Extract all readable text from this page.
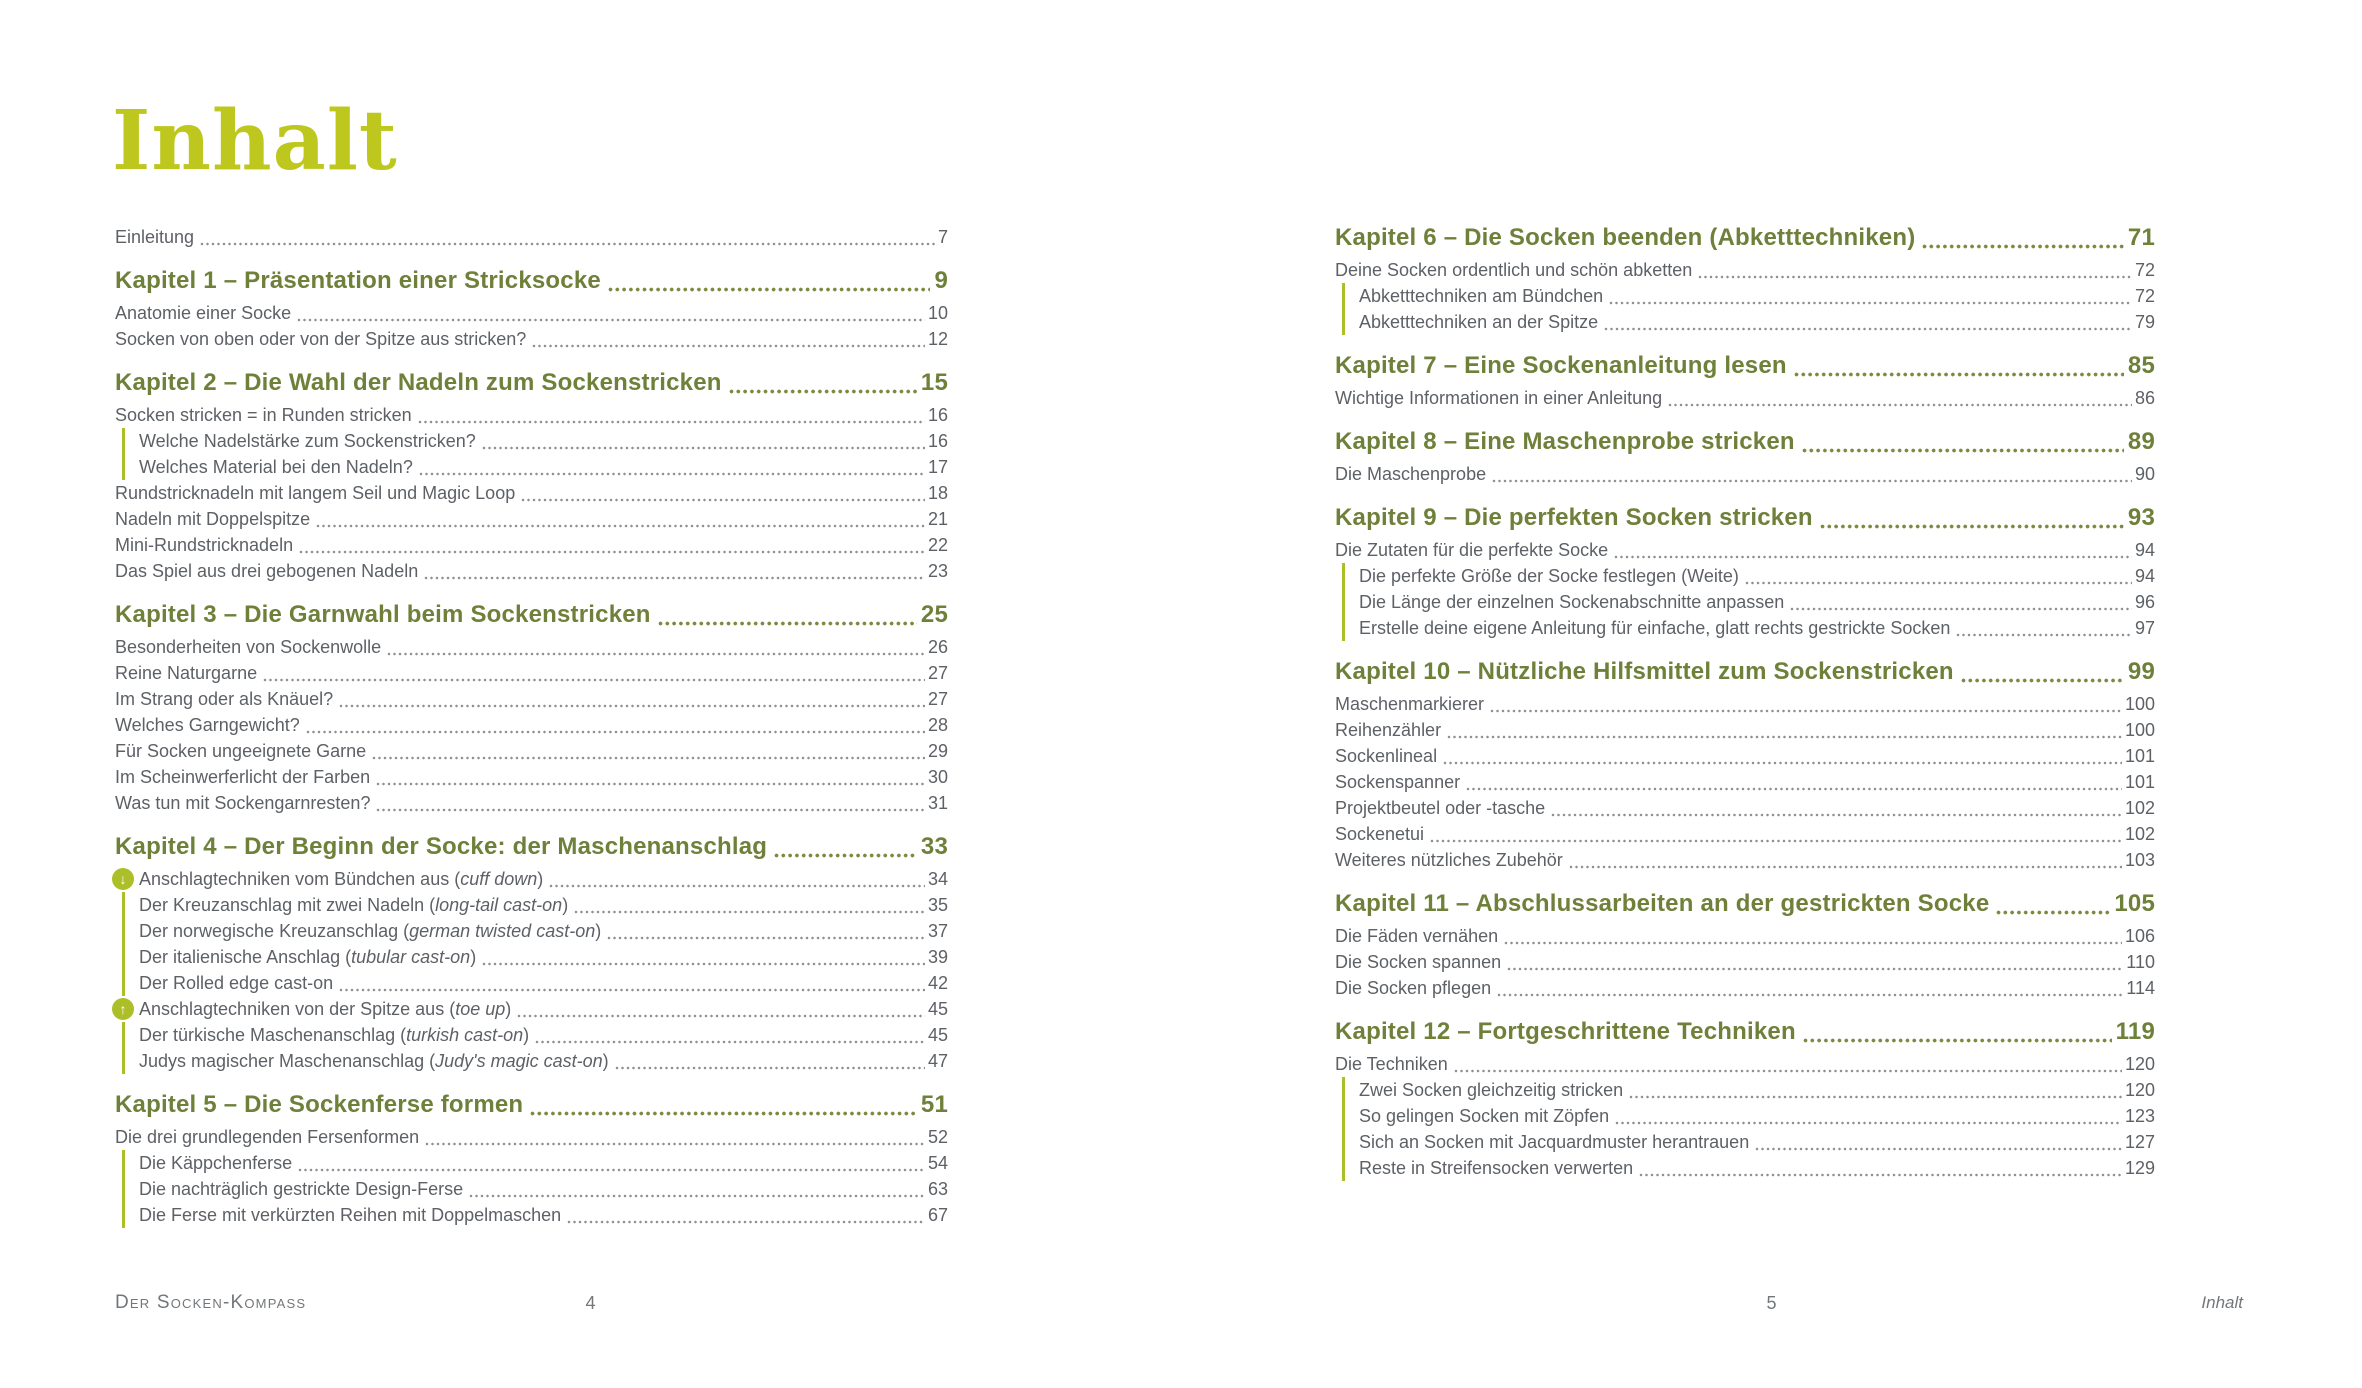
Inhalt
Einleitung	7
Kapitel 1 – Präsentation einer Stricksocke	9
Anatomie einer Socke	10
Socken von oben oder von der Spitze aus stricken?	12
Kapitel 2 – Die Wahl der Nadeln zum Sockenstricken	15
Socken stricken = in Runden stricken	16
Welche Nadelstärke zum Sockenstricken?	16
Welches Material bei den Nadeln?	17
Rundstricknadeln mit langem Seil und Magic Loop	18
Nadeln mit Doppelspitze	21
Mini-Rundstricknadeln	22
Das Spiel aus drei gebogenen Nadeln	23
Kapitel 3 – Die Garnwahl beim Sockenstricken	25
Besonderheiten von Sockenwolle	26
Reine Naturgarne	27
Im Strang oder als Knäuel?	27
Welches Garngewicht?	28
Für Socken ungeeignete Garne	29
Im Scheinwerferlicht der Farben	30
Was tun mit Sockengarnresten?	31
Kapitel 4 – Der Beginn der Socke: der Maschenanschlag	33
↓ Anschlagtechniken vom Bündchen aus (cuff down)	34
Der Kreuzanschlag mit zwei Nadeln (long-tail cast-on)	35
Der norwegische Kreuzanschlag (german twisted cast-on)	37
Der italienische Anschlag (tubular cast-on)	39
Der Rolled edge cast-on	42
↑ Anschlagtechniken von der Spitze aus (toe up)	45
Der türkische Maschenanschlag (turkish cast-on)	45
Judys magischer Maschenanschlag (Judy's magic cast-on)	47
Kapitel 5 – Die Sockenferse formen	51
Die drei grundlegenden Fersenformen	52
Die Käppchenferse	54
Die nachträglich gestrickte Design-Ferse	63
Die Ferse mit verkürzten Reihen mit Doppelmaschen	67
Kapitel 6 – Die Socken beenden (Abketttechniken)	71
Deine Socken ordentlich und schön abketten	72
Abketttechniken am Bündchen	72
Abketttechniken an der Spitze	79
Kapitel 7 – Eine Sockenanleitung lesen	85
Wichtige Informationen in einer Anleitung	86
Kapitel 8 – Eine Maschenprobe stricken	89
Die Maschenprobe	90
Kapitel 9 – Die perfekten Socken stricken	93
Die Zutaten für die perfekte Socke	94
Die perfekte Größe der Socke festlegen (Weite)	94
Die Länge der einzelnen Sockenabschnitte anpassen	96
Erstelle deine eigene Anleitung für einfache, glatt rechts gestrickte Socken	97
Kapitel 10 – Nützliche Hilfsmittel zum Sockenstricken	99
Maschenmarkierer	100
Reihenzähler	100
Sockenlineal	101
Sockenspanner	101
Projektbeutel oder -tasche	102
Sockenetui	102
Weiteres nützliches Zubehör	103
Kapitel 11 – Abschlussarbeiten an der gestrickten Socke	105
Die Fäden vernähen	106
Die Socken spannen	110
Die Socken pflegen	114
Kapitel 12 – Fortgeschrittene Techniken	119
Die Techniken	120
Zwei Socken gleichzeitig stricken	120
So gelingen Socken mit Zöpfen	123
Sich an Socken mit Jacquardmuster herantrauen	127
Reste in Streifensocken verwerten	129
Der Socken-Kompass	4	5	Inhalt
